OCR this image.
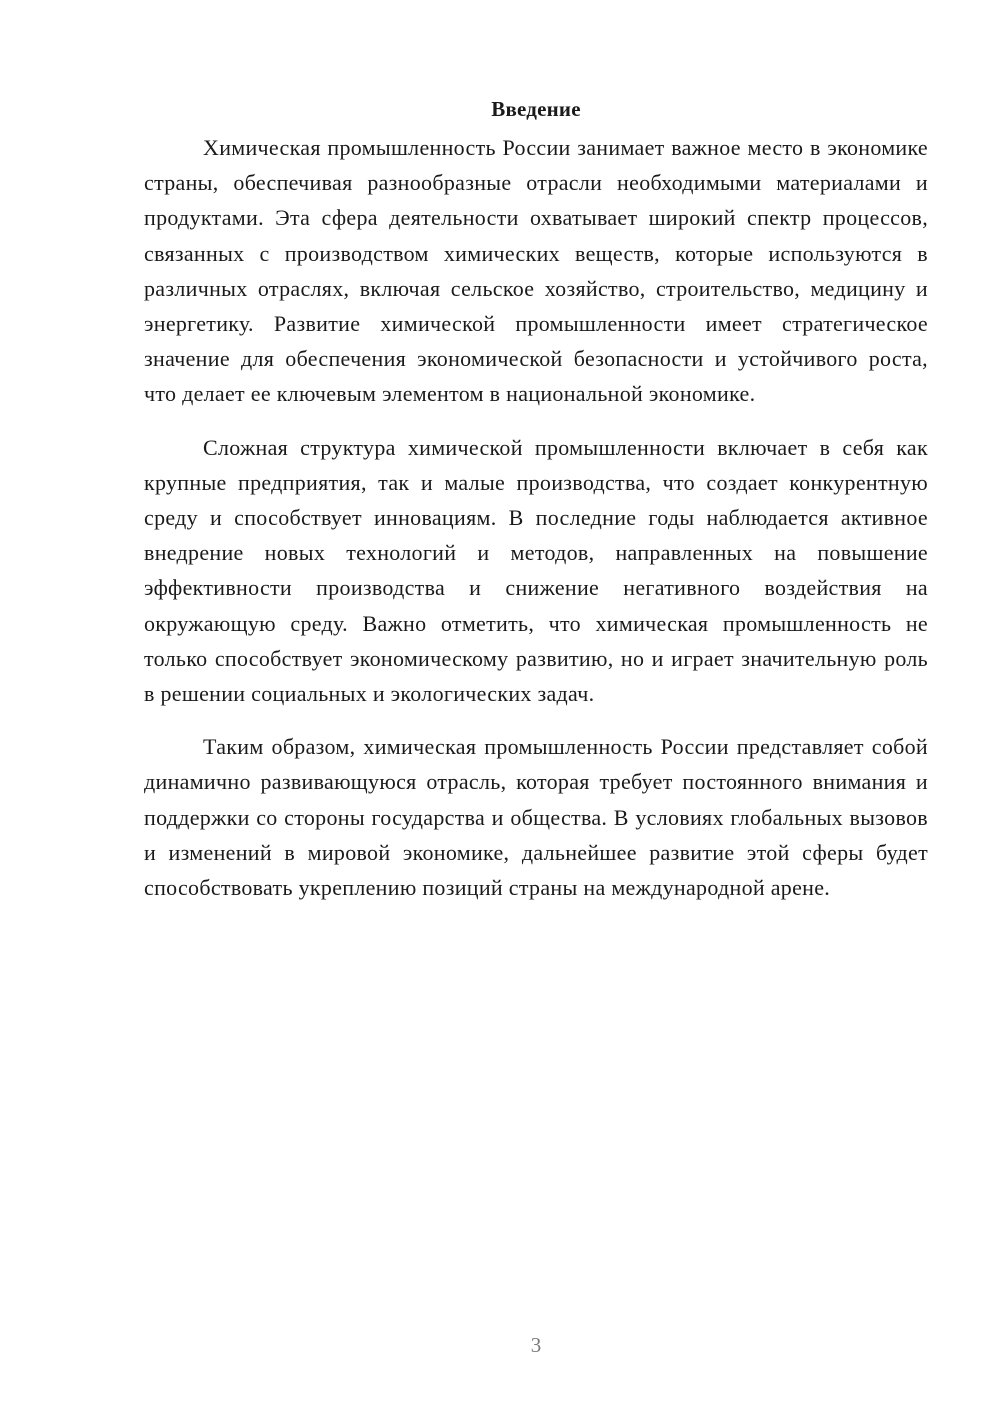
Введение

Химическая промышленность России занимает важное место в экономике страны, обеспечивая разнообразные отрасли необходимыми материалами и продуктами. Эта сфера деятельности охватывает широкий спектр процессов, связанных с производством химических веществ, которые используются в различных отраслях, включая сельское хозяйство, строительство, медицину и энергетику. Развитие химической промышленности имеет стратегическое значение для обеспечения экономической безопасности и устойчивого роста, что делает ее ключевым элементом в национальной экономике.

Сложная структура химической промышленности включает в себя как крупные предприятия, так и малые производства, что создает конкурентную среду и способствует инновациям. В последние годы наблюдается активное внедрение новых технологий и методов, направленных на повышение эффективности производства и снижение негативного воздействия на окружающую среду. Важно отметить, что химическая промышленность не только способствует экономическому развитию, но и играет значительную роль в решении социальных и экологических задач.

Таким образом, химическая промышленность России представляет собой динамично развивающуюся отрасль, которая требует постоянного внимания и поддержки со стороны государства и общества. В условиях глобальных вызовов и изменений в мировой экономике, дальнейшее развитие этой сферы будет способствовать укреплению позиций страны на международной арене.

3
